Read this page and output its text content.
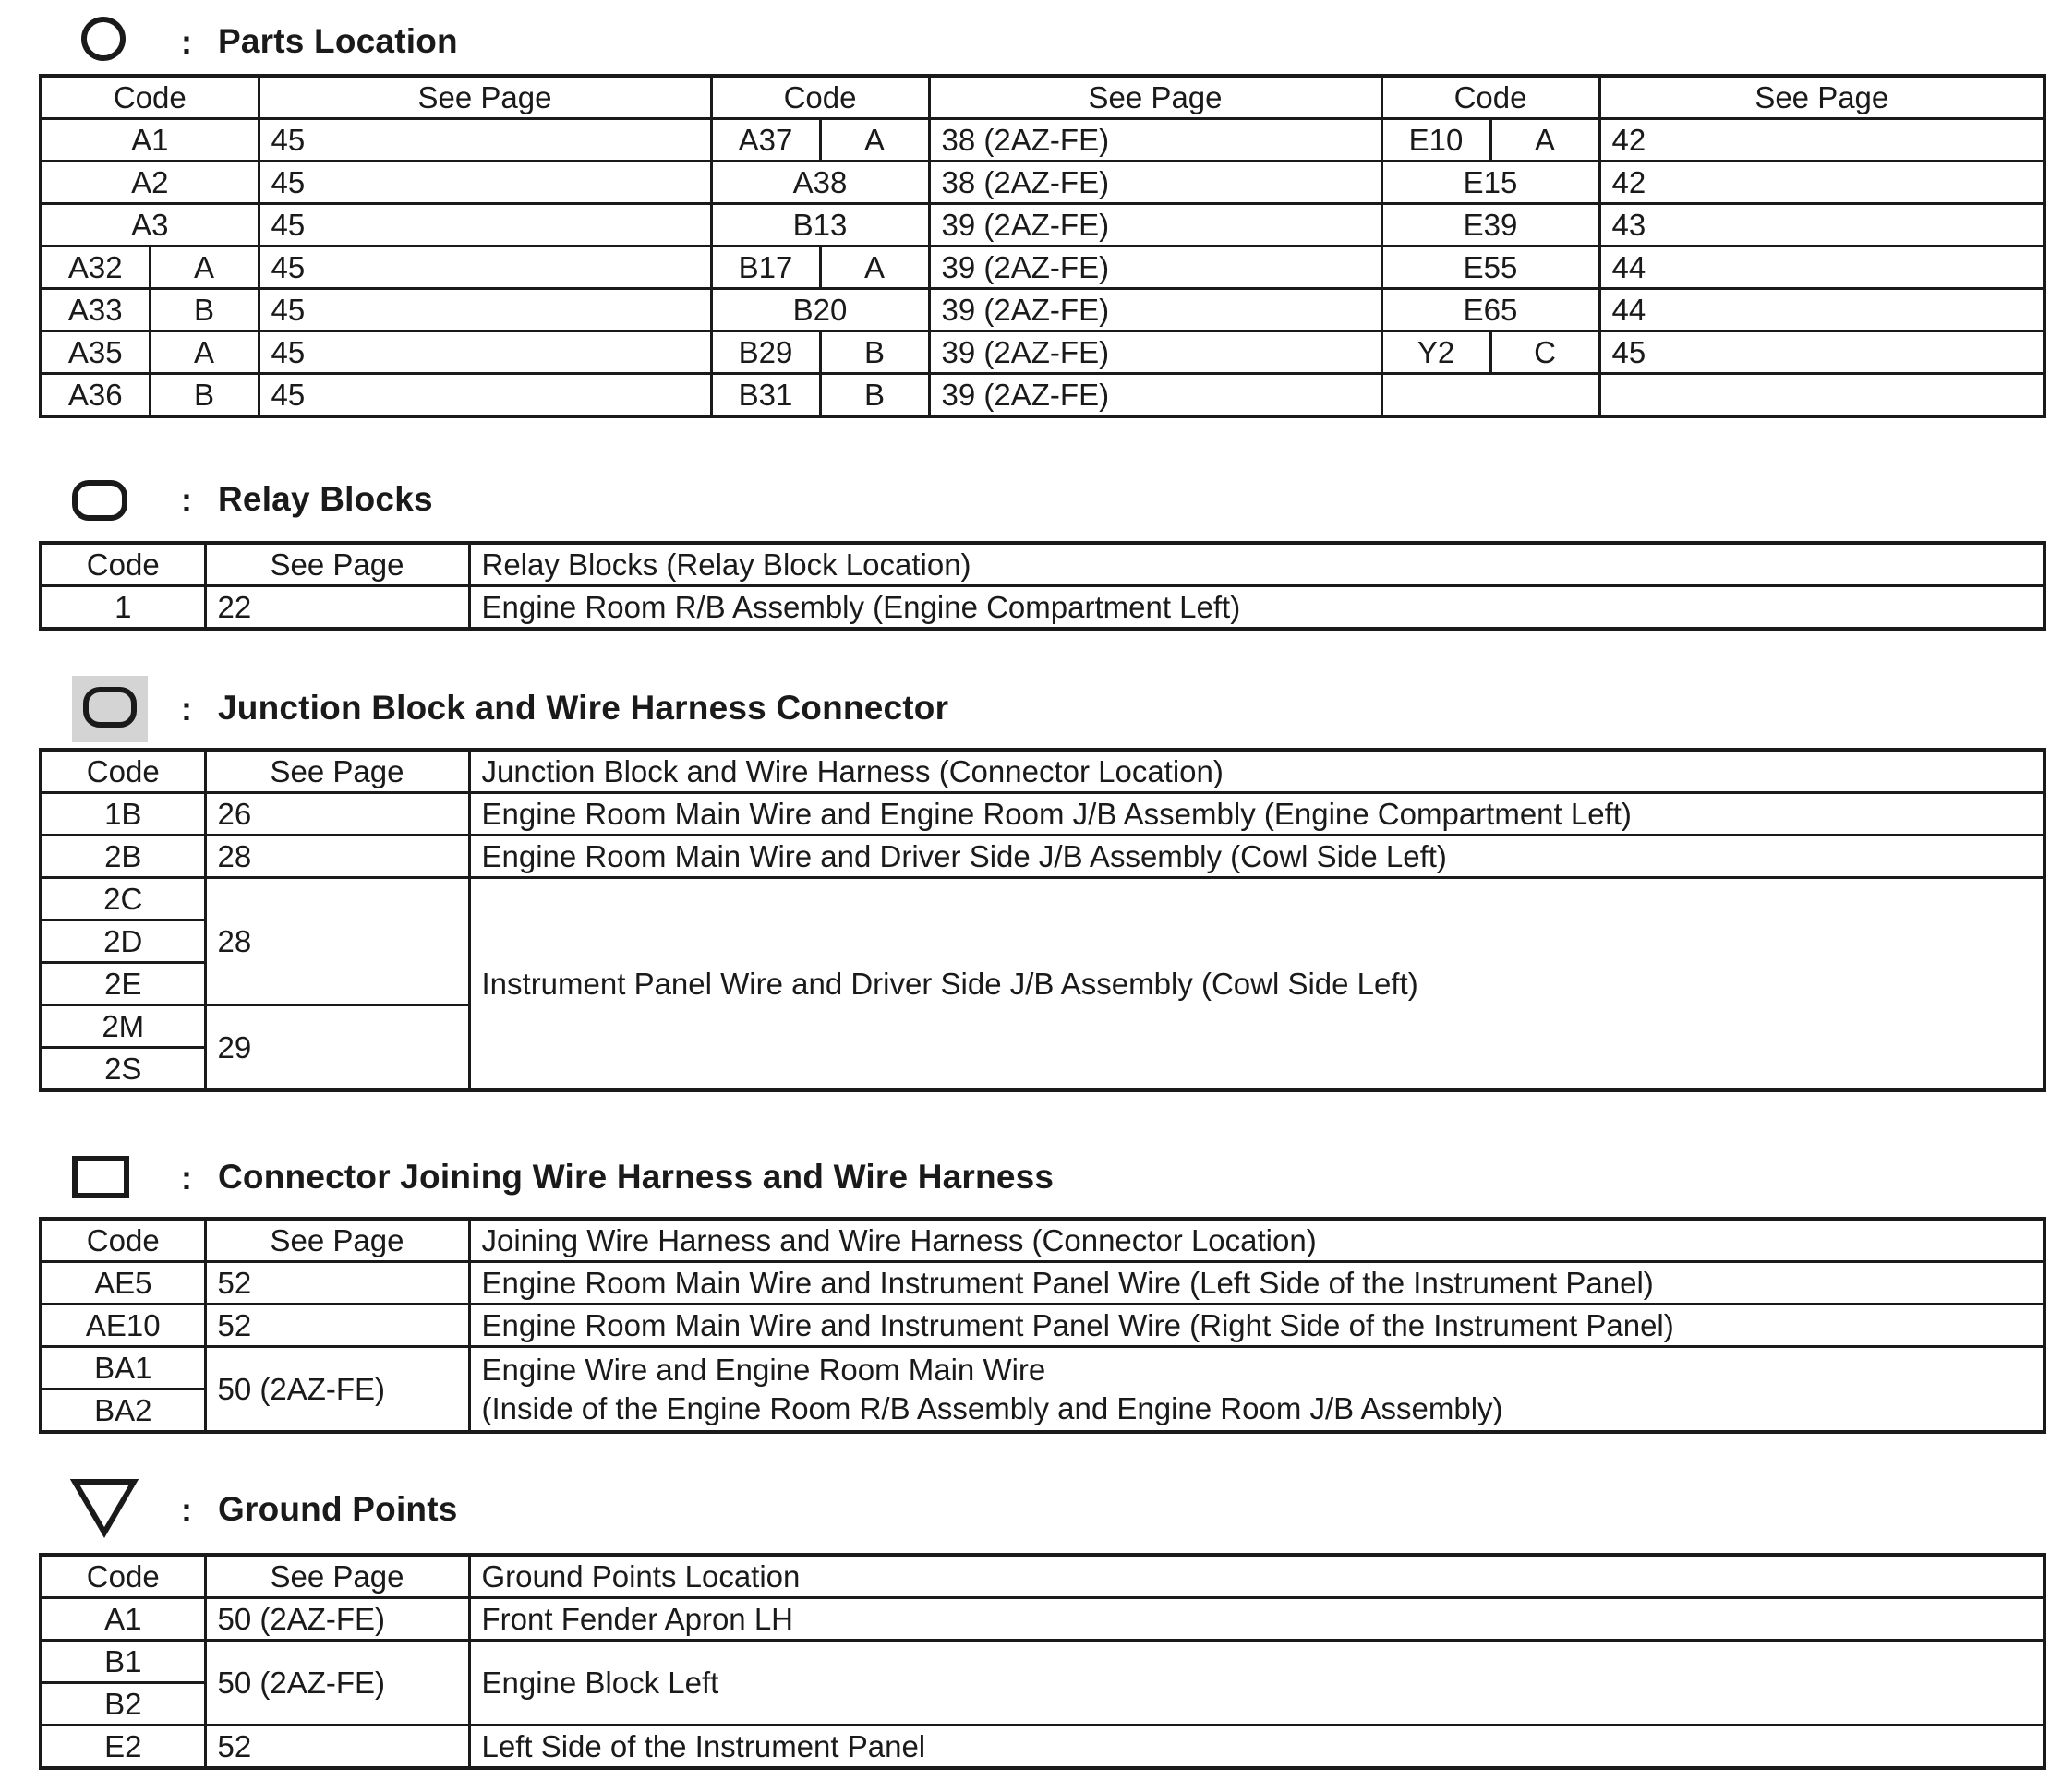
: Parts Location
Code		See Page	Code		See Page	Code		See Page
A1		45	A37	A	38 (2AZ-FE)	E10	A	42
A2		45	A38		38 (2AZ-FE)	E15		42
A3		45	B13		39 (2AZ-FE)	E39		43
A32	A	45	B17	A	39 (2AZ-FE)	E55		44
A33	B	45	B20		39 (2AZ-FE)	E65		44
A35	A	45	B29	B	39 (2AZ-FE)	Y2	C	45
A36	B	45	B31	B	39 (2AZ-FE)			
: Relay Blocks
Code	See Page	Relay Blocks (Relay Block Location)
1	22	Engine Room R/B Assembly (Engine Compartment Left)
: Junction Block and Wire Harness Connector
Code	See Page	Junction Block and Wire Harness (Connector Location)
1B	26	Engine Room Main Wire and Engine Room J/B Assembly (Engine Compartment Left)
2B	28	Engine Room Main Wire and Driver Side J/B Assembly (Cowl Side Left)
2C	28	Instrument Panel Wire and Driver Side J/B Assembly (Cowl Side Left)
2D		
2E		
2M	29	
2S		
: Connector Joining Wire Harness and Wire Harness
Code	See Page	Joining Wire Harness and Wire Harness (Connector Location)
AE5	52	Engine Room Main Wire and Instrument Panel Wire (Left Side of the Instrument Panel)
AE10	52	Engine Room Main Wire and Instrument Panel Wire (Right Side of the Instrument Panel)
BA1	50 (2AZ-FE)	Engine Wire and Engine Room Main Wire
(Inside of the Engine Room R/B Assembly and Engine Room J/B Assembly)

BA2		
: Ground Points
Code	See Page	Ground Points Location
A1	50 (2AZ-FE)	Front Fender Apron LH
B1	50 (2AZ-FE)	Engine Block Left
B2		
E2	52	Left Side of the Instrument Panel
